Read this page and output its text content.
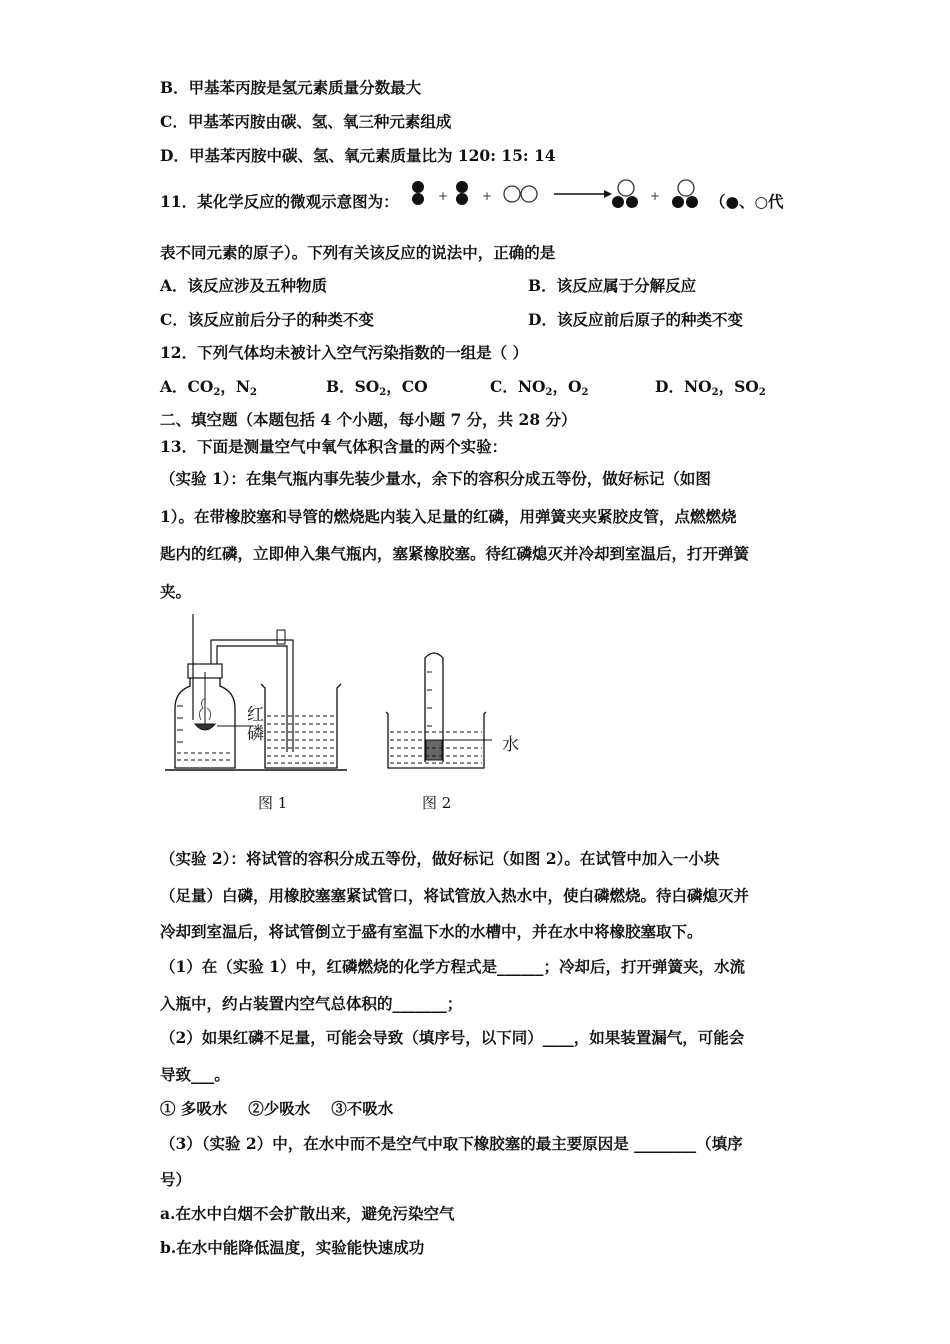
B．甲基苯丙胺是氢元素质量分数最大
C．甲基苯丙胺由碳、氢、氧三种元素组成
D．甲基苯丙胺中碳、氢、氧元素质量比为 120: 15: 14
11．某化学反应的微观示意图为：	+	+	+	（●、○代
表不同元素的原子）。下列有关该反应的说法中，正确的是
A．该反应涉及五种物质	B．该反应属于分解反应
C．该反应前后分子的种类不变	D．该反应前后原子的种类不变
12．下列气体均未被计入空气污染指数的一组是（ ）
A．$CO_2$，$N_2$	B．$SO_2$，CO	C．$NO_2$，$O_2$	D．$NO_2$，$SO_2$
二、填空题（本题包括 4 个小题，每小题 7 分，共 28 分）
13．下面是测量空气中氧气体积含量的两个实验：
（实验 1）：在集气瓶内事先装少量水，余下的容积分成五等份，做好标记（如图
1）。在带橡胶塞和导管的燃烧匙内装入足量的红磷，用弹簧夹夹紧胶皮管，点燃燃烧
匙内的红磷，立即伸入集气瓶内，塞紧橡胶塞。待红磷熄灭并冷却到室温后，打开弹簧
夹。
红磷
水
图 1	图 2
（实验 2）：将试管的容积分成五等份，做好标记（如图 2）。在试管中加入一小块
（足量）白磷，用橡胶塞塞紧试管口，将试管放入热水中，使白磷燃烧。待白磷熄灭并
冷却到室温后，将试管倒立于盛有室温下水的水槽中，并在水中将橡胶塞取下。
（1）在（实验 1）中，红磷燃烧的化学方程式是______；冷却后，打开弹簧夹，水流
入瓶中，约占装置内空气总体积的_______；
（2）如果红磷不足量，可能会导致（填序号，以下同）____，如果装置漏气，可能会
导致___。
① 多吸水　 ②少吸水　 ③不吸水
（3）（实验 2）中，在水中而不是空气中取下橡胶塞的最主要原因是 ________（填序
号）
a.在水中白烟不会扩散出来，避免污染空气
b.在水中能降低温度，实验能快速成功
